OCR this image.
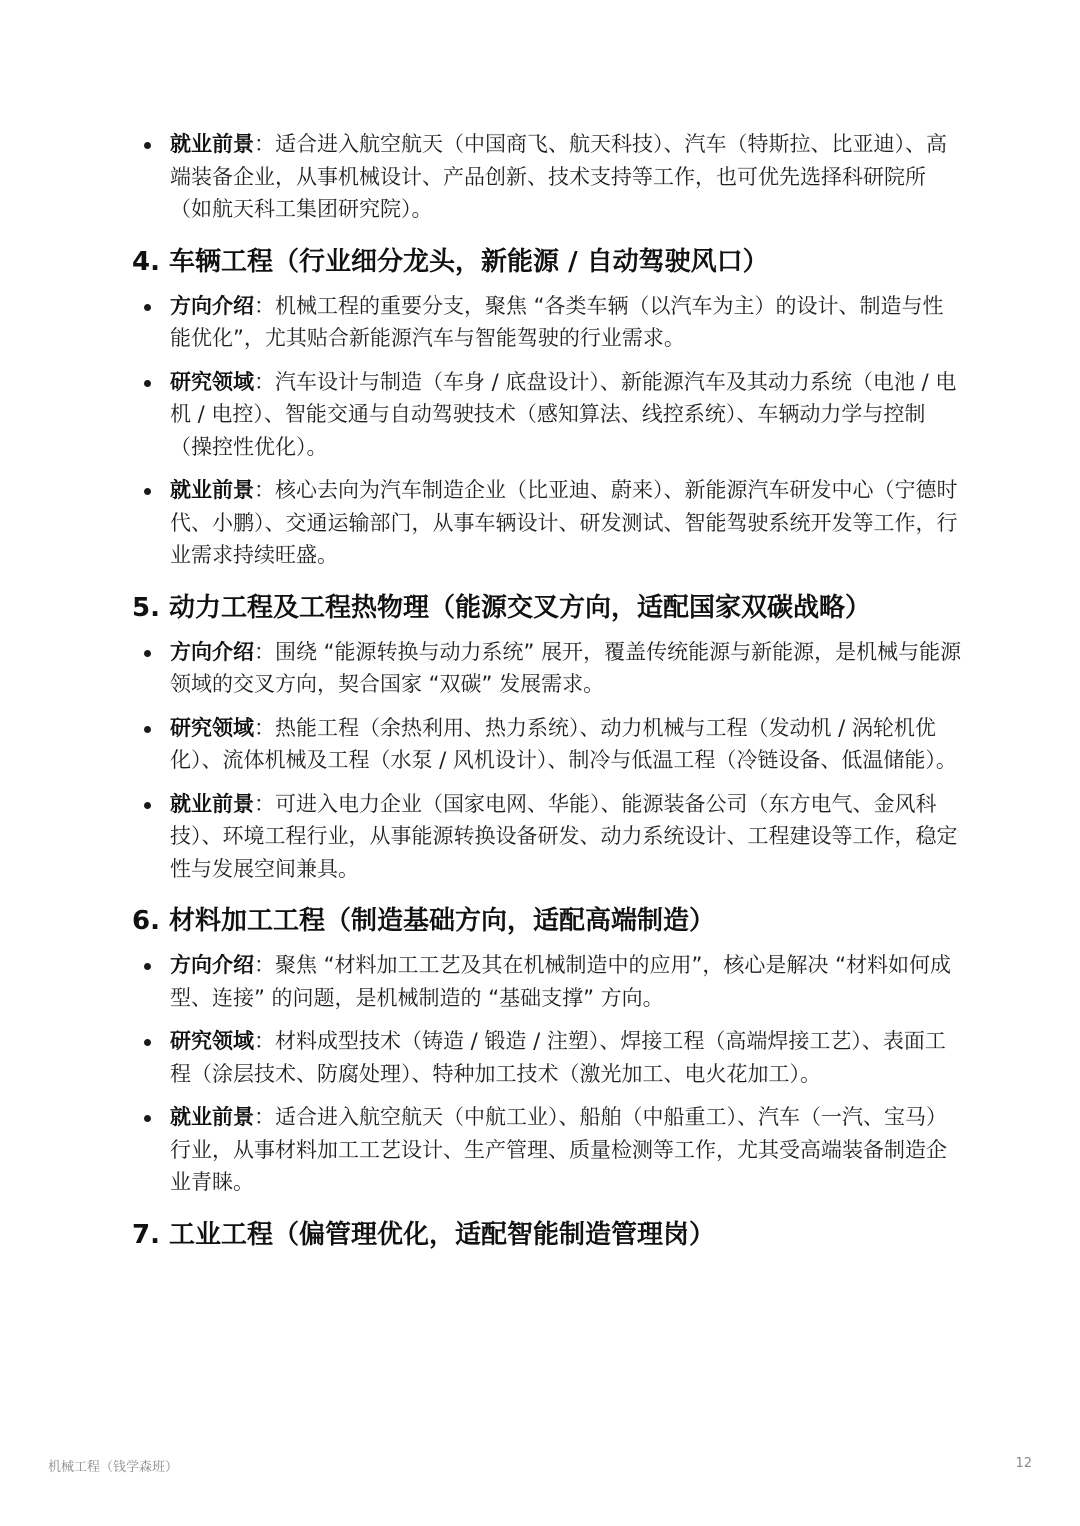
就业前景：适合进入航空航天（中国商飞、航天科技）、汽车（特斯拉、比亚迪）、高端装备企业，从事机械设计、产品创新、技术支持等工作，也可优先选择科研院所（如航天科工集团研究院）。
4. 车辆工程（行业细分龙头，新能源 / 自动驾驶风口）
方向介绍：机械工程的重要分支，聚焦 “各类车辆（以汽车为主）的设计、制造与性能优化”，尤其贴合新能源汽车与智能驾驶的行业需求。
研究领域：汽车设计与制造（车身 / 底盘设计）、新能源汽车及其动力系统（电池 / 电机 / 电控）、智能交通与自动驾驶技术（感知算法、线控系统）、车辆动力学与控制（操控性优化）。
就业前景：核心去向为汽车制造企业（比亚迪、蔚来）、新能源汽车研发中心（宁德时代、小鹏）、交通运输部门，从事车辆设计、研发测试、智能驾驶系统开发等工作，行业需求持续旺盛。
5. 动力工程及工程热物理（能源交叉方向，适配国家双碳战略）
方向介绍：围绕 “能源转换与动力系统” 展开，覆盖传统能源与新能源，是机械与能源领域的交叉方向，契合国家 “双碳” 发展需求。
研究领域：热能工程（余热利用、热力系统）、动力机械与工程（发动机 / 涡轮机优化）、流体机械及工程（水泵 / 风机设计）、制冷与低温工程（冷链设备、低温储能）。
就业前景：可进入电力企业（国家电网、华能）、能源装备公司（东方电气、金风科技）、环境工程行业，从事能源转换设备研发、动力系统设计、工程建设等工作，稳定性与发展空间兼具。
6. 材料加工工程（制造基础方向，适配高端制造）
方向介绍：聚焦 “材料加工工艺及其在机械制造中的应用”，核心是解决 “材料如何成型、连接” 的问题，是机械制造的 “基础支撑” 方向。
研究领域：材料成型技术（铸造 / 锻造 / 注塑）、焊接工程（高端焊接工艺）、表面工程（涂层技术、防腐处理）、特种加工技术（激光加工、电火花加工）。
就业前景：适合进入航空航天（中航工业）、船舶（中船重工）、汽车（一汽、宝马）行业，从事材料加工工艺设计、生产管理、质量检测等工作，尤其受高端装备制造企业青睐。
7. 工业工程（偏管理优化，适配智能制造管理岗）
机械工程（钱学森班）	12
